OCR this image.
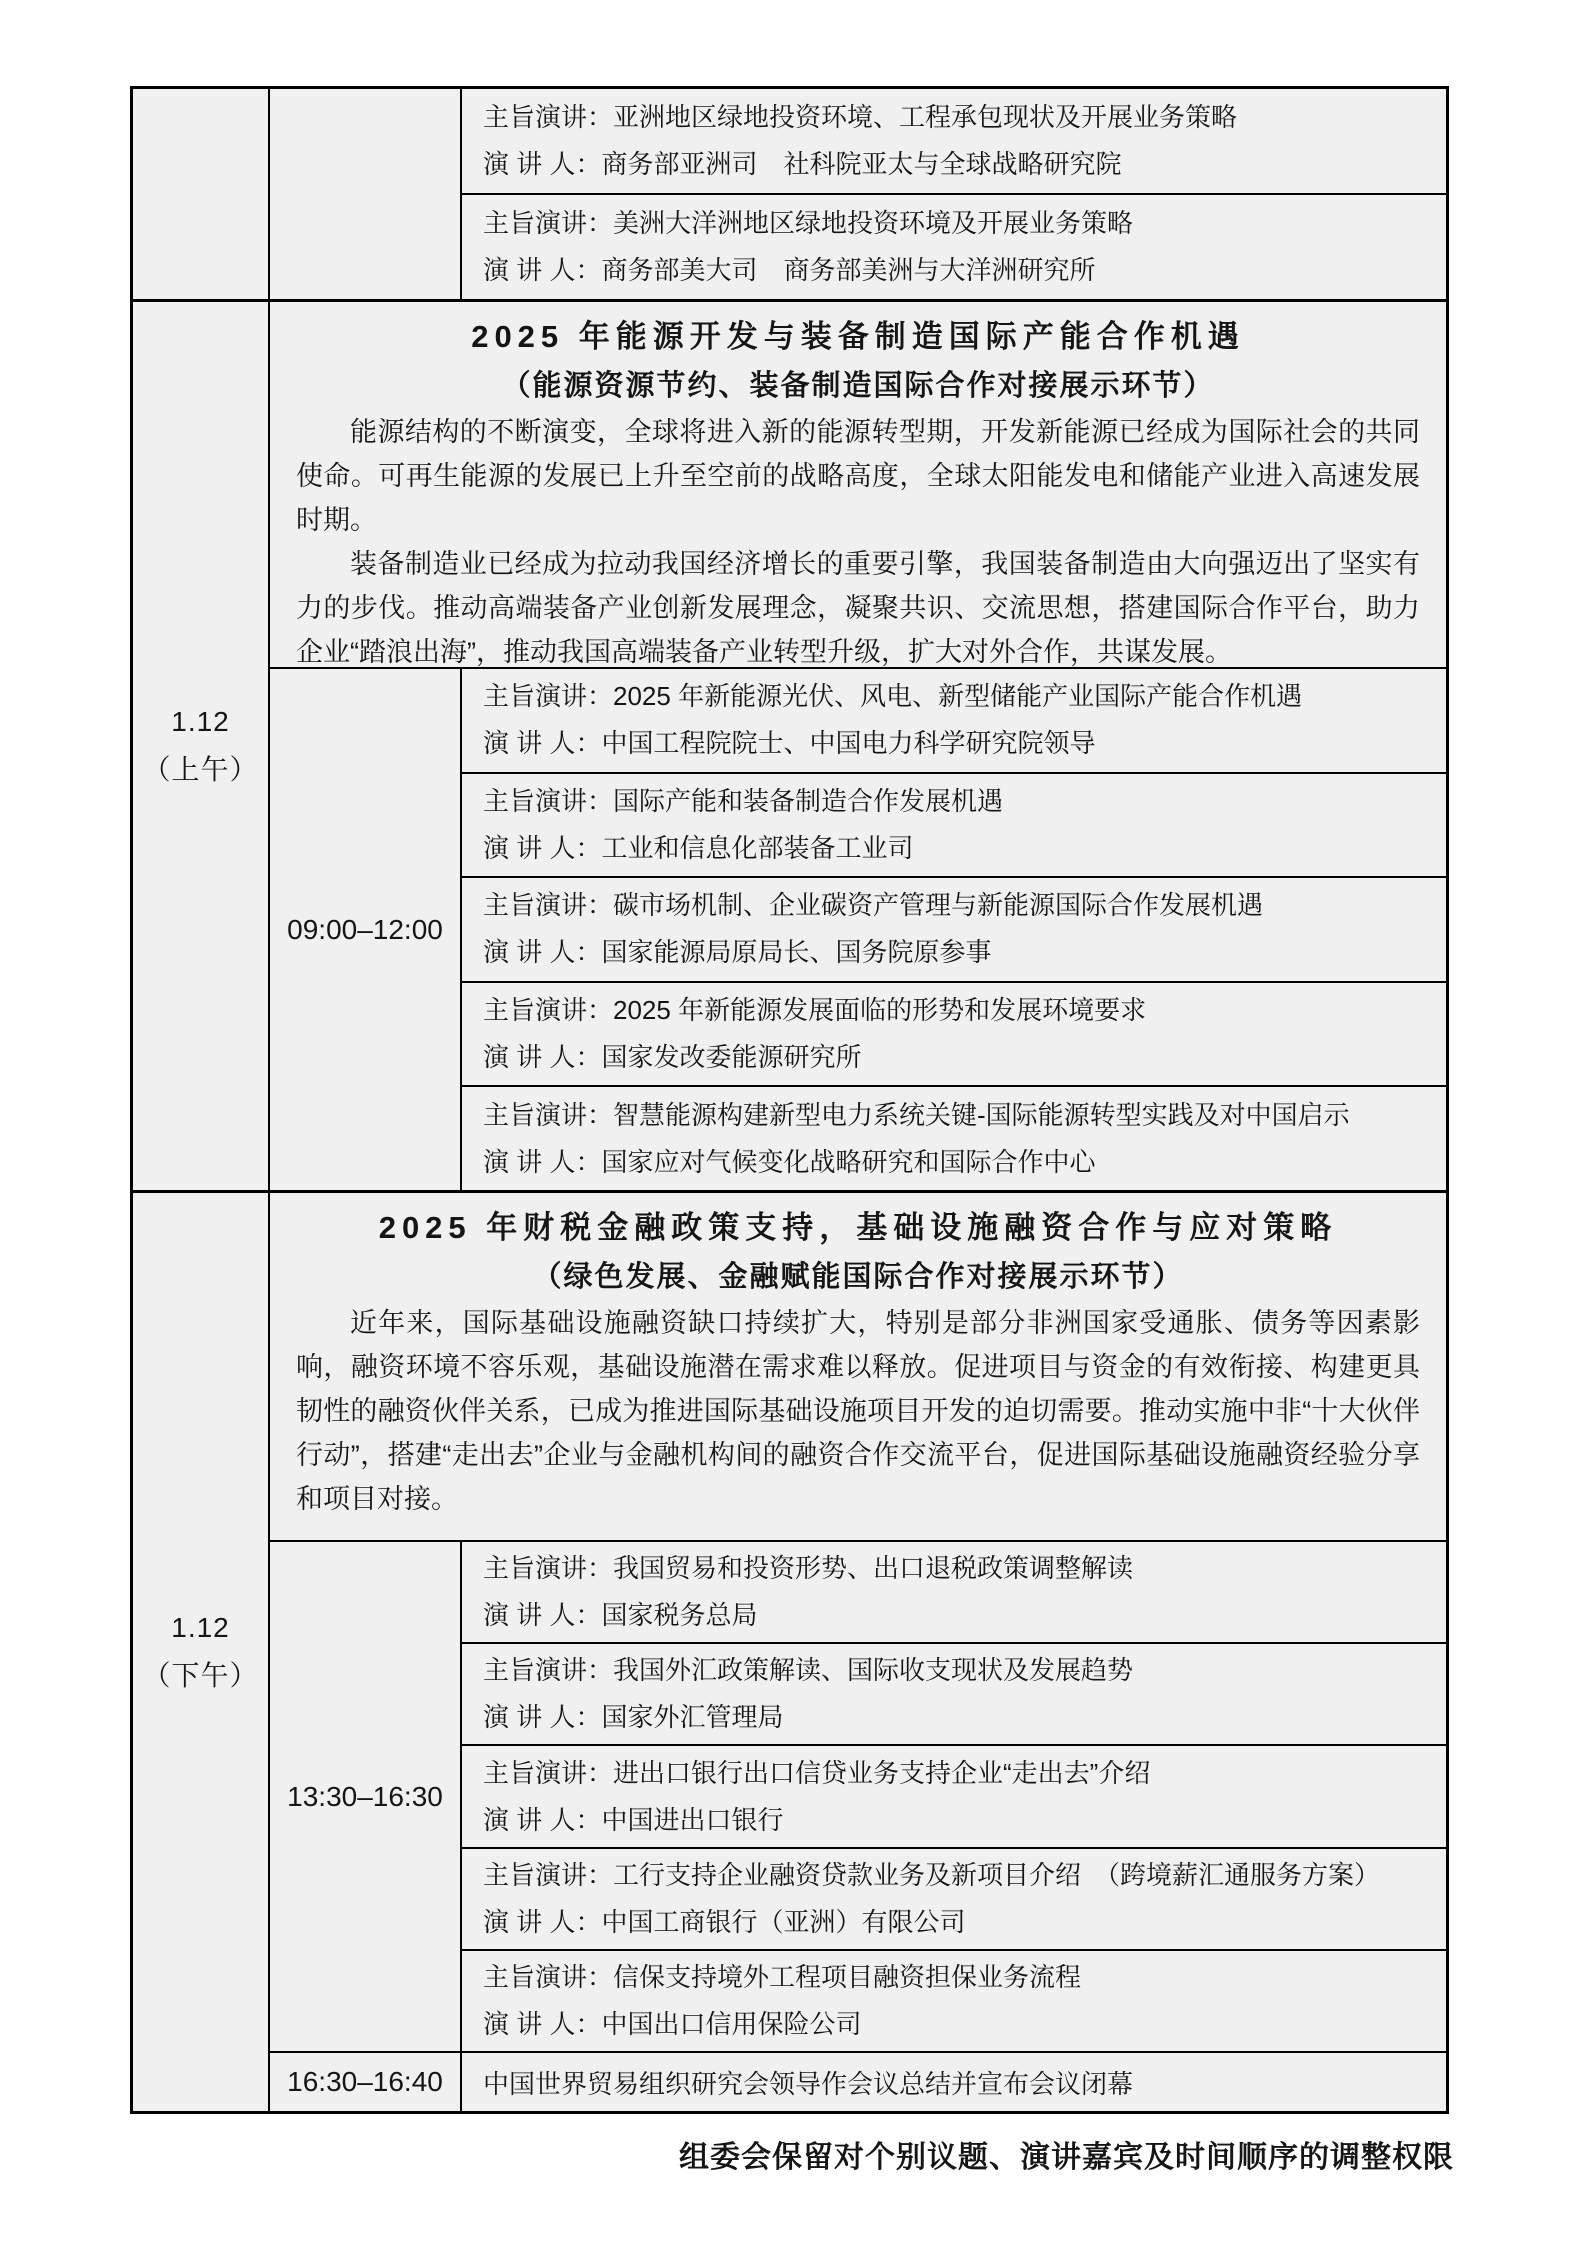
主旨演讲：亚洲地区绿地投资环境、工程承包现状及开展业务策略
演 讲 人：商务部亚洲司　社科院亚太与全球战略研究院
主旨演讲：美洲大洋洲地区绿地投资环境及开展业务策略
演 讲 人：商务部美大司　商务部美洲与大洋洲研究所
1.12
（上午）
2025 年能源开发与装备制造国际产能合作机遇
（能源资源节约、装备制造国际合作对接展示环节）

能源结构的不断演变，全球将进入新的能源转型期，开发新能源已经成为国际社会的共同使命。可再生能源的发展已上升至空前的战略高度，全球太阳能发电和储能产业进入高速发展时期。

装备制造业已经成为拉动我国经济增长的重要引擎，我国装备制造由大向强迈出了坚实有力的步伐。推动高端装备产业创新发展理念，凝聚共识、交流思想，搭建国际合作平台，助力企业“踏浪出海”，推动我国高端装备产业转型升级，扩大对外合作，共谋发展。

09:00–12:00
主旨演讲：2025 年新能源光伏、风电、新型储能产业国际产能合作机遇
演 讲 人：中国工程院院士、中国电力科学研究院领导
主旨演讲：国际产能和装备制造合作发展机遇
演 讲 人：工业和信息化部装备工业司
主旨演讲：碳市场机制、企业碳资产管理与新能源国际合作发展机遇
演 讲 人：国家能源局原局长、国务院原参事
主旨演讲：2025 年新能源发展面临的形势和发展环境要求
演 讲 人：国家发改委能源研究所
主旨演讲：智慧能源构建新型电力系统关键-国际能源转型实践及对中国启示
演 讲 人：国家应对气候变化战略研究和国际合作中心
1.12
（下午）
2025 年财税金融政策支持，基础设施融资合作与应对策略
（绿色发展、金融赋能国际合作对接展示环节）

近年来，国际基础设施融资缺口持续扩大，特别是部分非洲国家受通胀、债务等因素影响，融资环境不容乐观，基础设施潜在需求难以释放。促进项目与资金的有效衔接、构建更具韧性的融资伙伴关系，已成为推进国际基础设施项目开发的迫切需要。推动实施中非“十大伙伴行动”，搭建“走出去”企业与金融机构间的融资合作交流平台，促进国际基础设施融资经验分享和项目对接。

13:30–16:30
主旨演讲：我国贸易和投资形势、出口退税政策调整解读
演 讲 人：国家税务总局
主旨演讲：我国外汇政策解读、国际收支现状及发展趋势
演 讲 人：国家外汇管理局
主旨演讲：进出口银行出口信贷业务支持企业“走出去”介绍
演 讲 人：中国进出口银行
主旨演讲：工行支持企业融资贷款业务及新项目介绍　（跨境薪汇通服务方案）
演 讲 人：中国工商银行（亚洲）有限公司
主旨演讲：信保支持境外工程项目融资担保业务流程
演 讲 人：中国出口信用保险公司
16:30–16:40	中国世界贸易组织研究会领导作会议总结并宣布会议闭幕
组委会保留对个别议题、演讲嘉宾及时间顺序的调整权限
